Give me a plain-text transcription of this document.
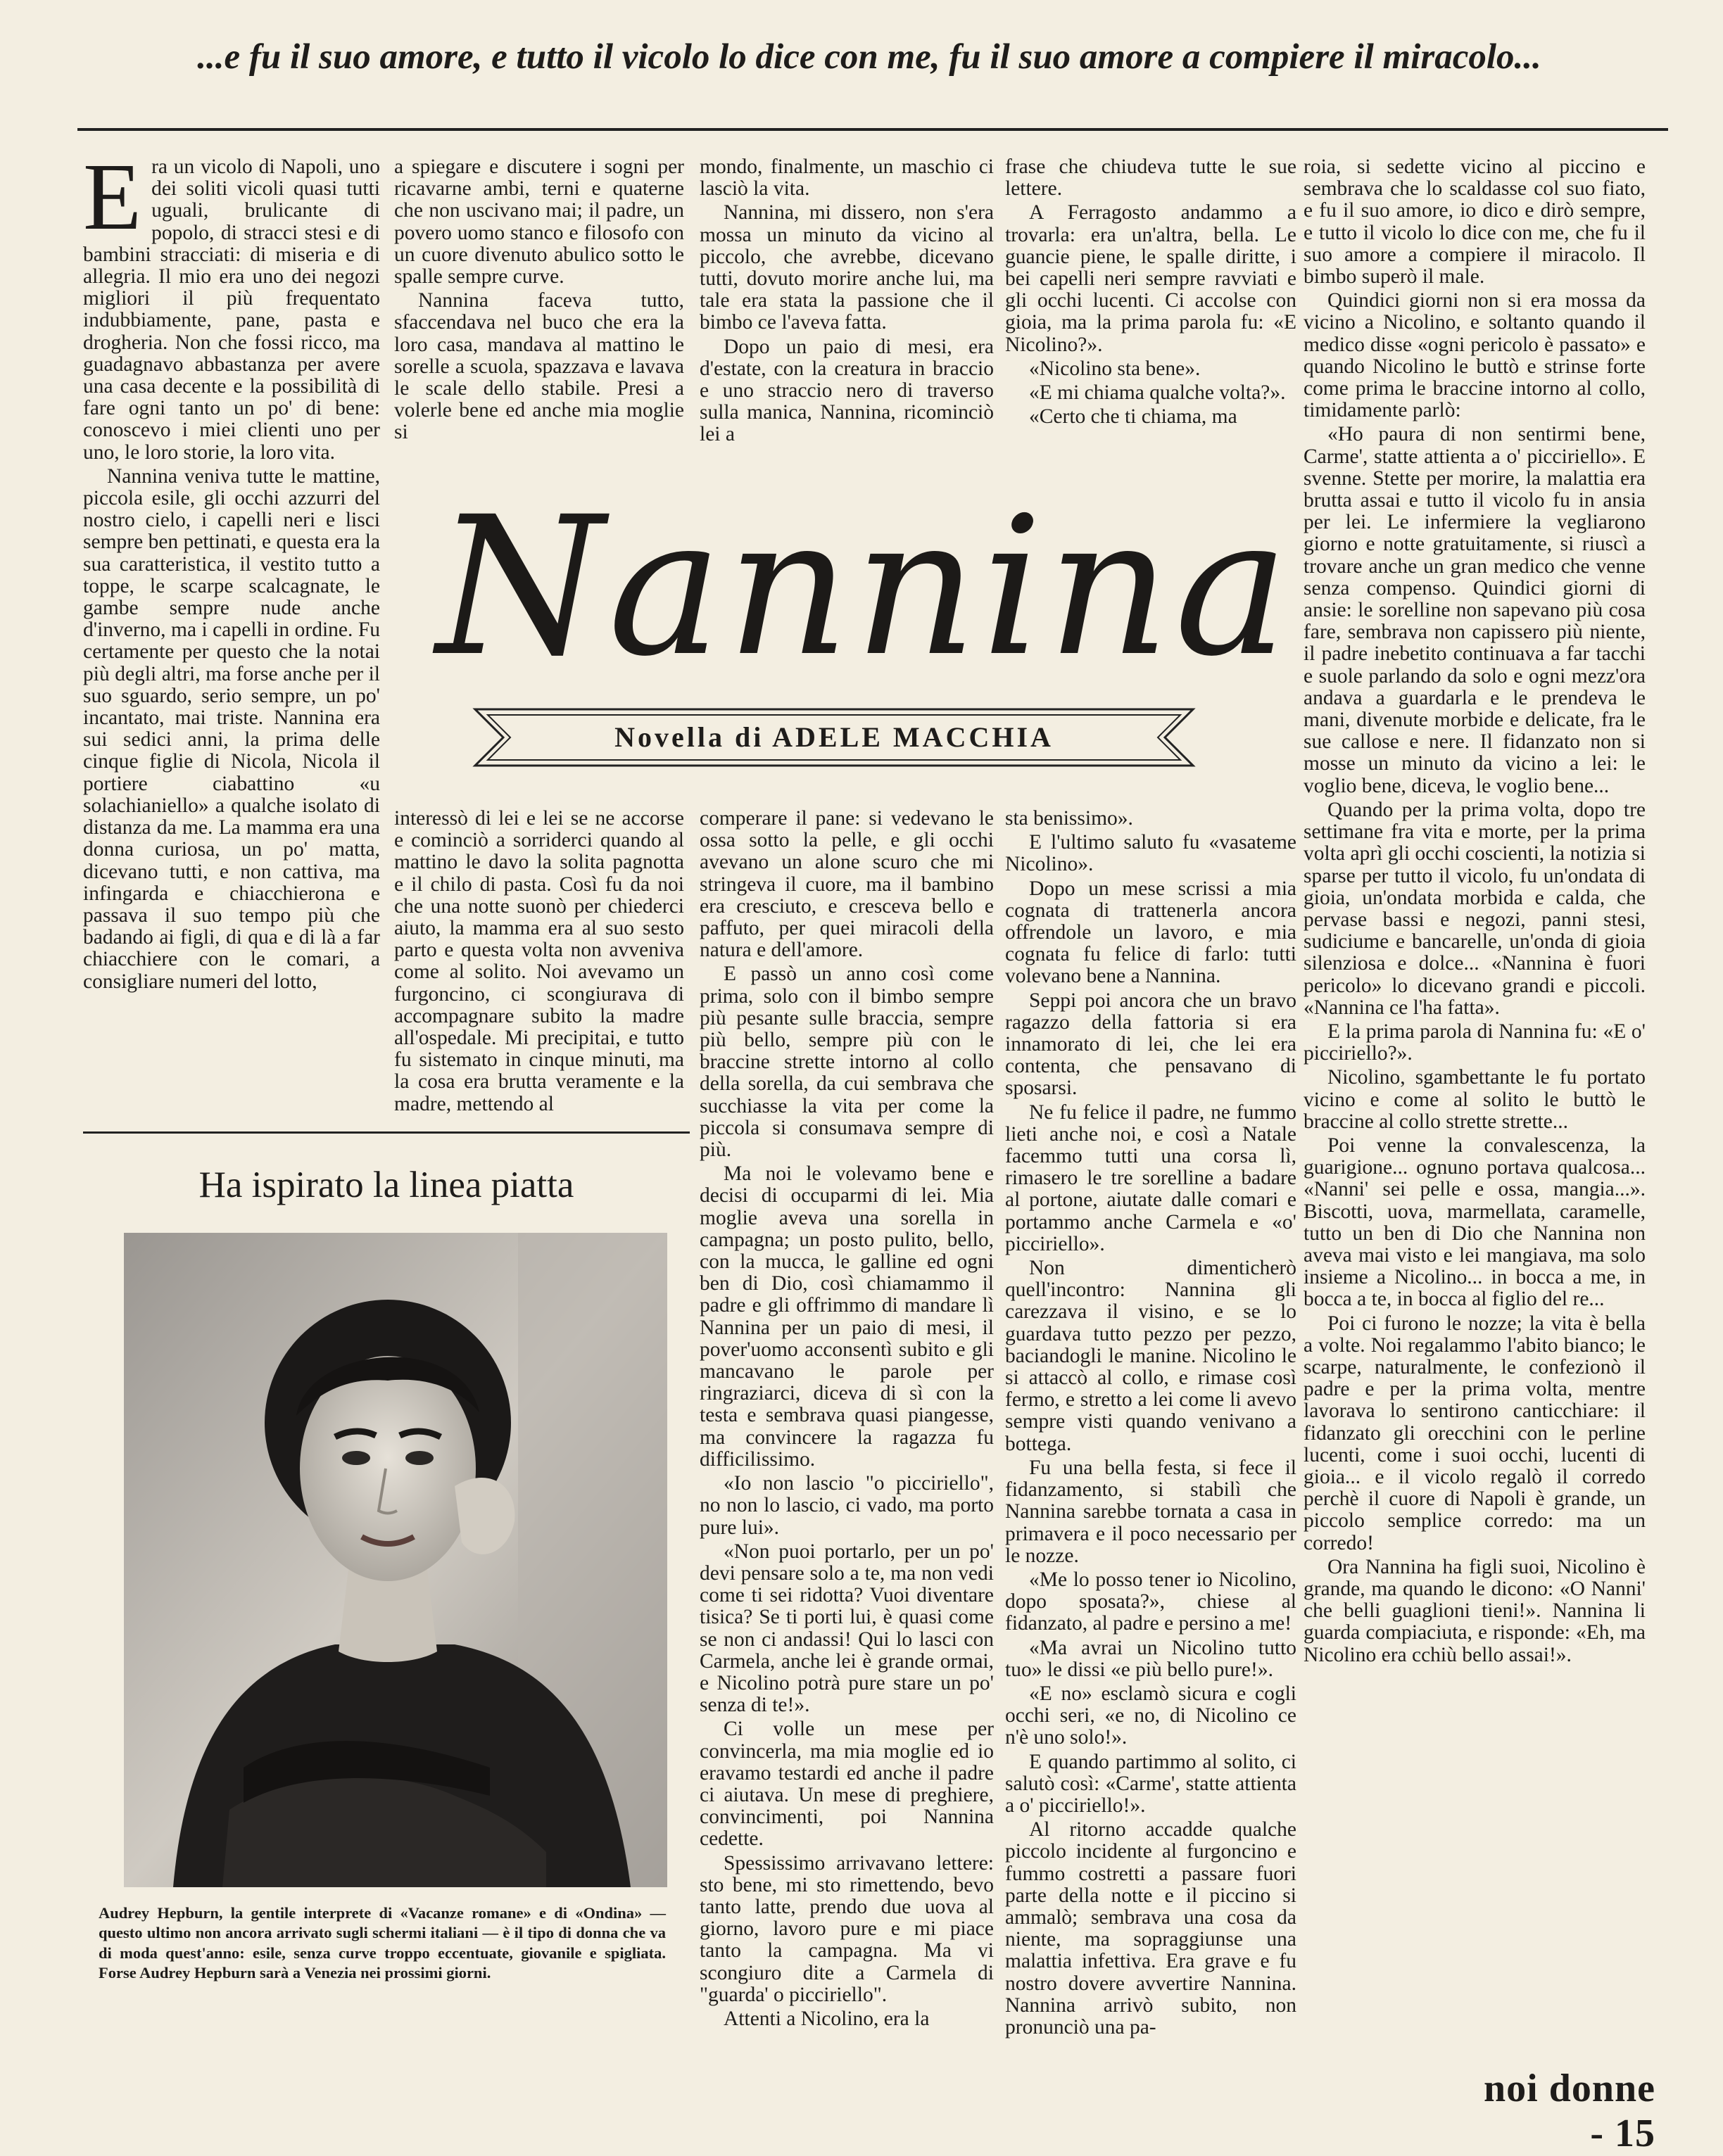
...e fu il suo amore, e tutto il vicolo lo dice con me, fu il suo amore a compiere il miracolo...

Era un vicolo di Napoli, uno dei soliti vicoli quasi tutti uguali, brulicante di popolo, di stracci stesi e di bambini stracciati: di miseria e di allegria. Il mio era uno dei negozi migliori il più frequentato indubbiamente, pane, pasta e drogheria. Non che fossi ricco, ma guadagnavo abbastanza per avere una casa decente e la possibilità di fare ogni tanto un po' di bene: conoscevo i miei clienti uno per uno, le loro storie, la loro vita.

Nannina veniva tutte le mattine, piccola esile, gli occhi azzurri del nostro cielo, i capelli neri e lisci sempre ben pettinati, e questa era la sua caratteristica, il vestito tutto a toppe, le scarpe scalcagnate, le gambe sempre nude anche d'inverno, ma i capelli in ordine. Fu certamente per questo che la notai più degli altri, ma forse anche per il suo sguardo, serio sempre, un po' incantato, mai triste. Nannina era sui sedici anni, la prima delle cinque figlie di Nicola, Nicola il portiere ciabattino «u solachianiello» a qualche isolato di distanza da me. La mamma era una donna curiosa, un po' matta, dicevano tutti, e non cattiva, ma infingarda e chiacchierona e passava il suo tempo più che badando ai figli, di qua e di là a far chiacchiere con le comari, a consigliare numeri del lotto,

a spiegare e discutere i sogni per ricavarne ambi, terni e quaterne che non uscivano mai; il padre, un povero uomo stanco e filosofo con un cuore divenuto abulico sotto le spalle sempre curve.

Nannina faceva tutto, sfaccendava nel buco che era la loro casa, mandava al mattino le sorelle a scuola, spazzava e lavava le scale dello stabile. Presi a volerle bene ed anche mia moglie si

mondo, finalmente, un maschio ci lasciò la vita.

Nannina, mi dissero, non s'era mossa un minuto da vicino al piccolo, che avrebbe, dicevano tutti, dovuto morire anche lui, ma tale era stata la passione che il bimbo ce l'aveva fatta.

Dopo un paio di mesi, era d'estate, con la creatura in braccio e uno straccio nero di traverso sulla manica, Nannina, ricominciò lei a

frase che chiudeva tutte le sue lettere.

A Ferragosto andammo a trovarla: era un'altra, bella. Le guancie piene, le spalle diritte, i bei capelli neri sempre ravviati e gli occhi lucenti. Ci accolse con gioia, ma la prima parola fu: «E Nicolino?».

«Nicolino sta bene».

«E mi chiama qualche volta?».

«Certo che ti chiama, ma

roia, si sedette vicino al piccino e sembrava che lo scaldasse col suo fiato, e fu il suo amore, io dico e dirò sempre, e tutto il vicolo lo dice con me, che fu il suo amore a compiere il miracolo. Il bimbo superò il male.

Quindici giorni non si era mossa da vicino a Nicolino, e soltanto quando il medico disse «ogni pericolo è passato» e quando Nicolino le buttò e strinse forte come prima le braccine intorno al collo, timidamente parlò:

«Ho paura di non sentirmi bene, Carme', statte attienta a o' picciriello». E svenne. Stette per morire, la malattia era brutta assai e tutto il vicolo fu in ansia per lei. Le infermiere la vegliarono giorno e notte gratuitamente, si riuscì a trovare anche un gran medico che venne senza compenso. Quindici giorni di ansie: le sorelline non sapevano più cosa fare, sembrava non capissero più niente, il padre inebetito continuava a far tacchi e suole parlando da solo e ogni mezz'ora andava a guardarla e le prendeva le mani, divenute morbide e delicate, fra le sue callose e nere. Il fidanzato non si mosse un minuto da vicino a lei: le voglio bene, diceva, le voglio bene...

Quando per la prima volta, dopo tre settimane fra vita e morte, per la prima volta aprì gli occhi coscienti, la notizia si sparse per tutto il vicolo, fu un'ondata di gioia, un'ondata morbida e calda, che pervase bassi e negozi, panni stesi, sudiciume e bancarelle, un'onda di gioia silenziosa e dolce... «Nannina è fuori pericolo» lo dicevano grandi e piccoli. «Nannina ce l'ha fatta».

E la prima parola di Nannina fu: «E o' picciriello?».

Nicolino, sgambettante le fu portato vicino e come al solito le buttò le braccine al collo strette strette...

Poi venne la convalescenza, la guarigione... ognuno portava qualcosa... «Nanni' sei pelle e ossa, mangia...». Biscotti, uova, marmellata, caramelle, tutto un ben di Dio che Nannina non aveva mai visto e lei mangiava, ma solo insieme a Nicolino... in bocca a me, in bocca a te, in bocca al figlio del re...

Poi ci furono le nozze; la vita è bella a volte. Noi regalammo l'abito bianco; le scarpe, naturalmente, le confezionò il padre e per la prima volta, mentre lavorava lo sentirono canticchiare: il fidanzato gli orecchini con le perline lucenti, come i suoi occhi, lucenti di gioia... e il vicolo regalò il corredo perchè il cuore di Napoli è grande, un piccolo semplice corredo: ma un corredo!

Ora Nannina ha figli suoi, Nicolino è grande, ma quando le dicono: «O Nanni' che belli guaglioni tieni!». Nannina li guarda compiaciuta, e risponde: «Eh, ma Nicolino era cchiù bello assai!».

Nannina
Novella di ADELE MACCHIA

interessò di lei e lei se ne accorse e cominciò a sorriderci quando al mattino le davo la solita pagnotta e il chilo di pasta. Così fu da noi che una notte suonò per chiederci aiuto, la mamma era al suo sesto parto e questa volta non avveniva come al solito. Noi avevamo un furgoncino, ci scongiurava di accompagnare subito la madre all'ospedale. Mi precipitai, e tutto fu sistemato in cinque minuti, ma la cosa era brutta veramente e la madre, mettendo al

comperare il pane: si vedevano le ossa sotto la pelle, e gli occhi avevano un alone scuro che mi stringeva il cuore, ma il bambino era cresciuto, e cresceva bello e paffuto, per quei miracoli della natura e dell'amore.

E passò un anno così come prima, solo con il bimbo sempre più pesante sulle braccia, sempre più bello, sempre più con le braccine strette intorno al collo della sorella, da cui sembrava che succhiasse la vita per come la piccola si consumava sempre di più.

Ma noi le volevamo bene e decisi di occuparmi di lei. Mia moglie aveva una sorella in campagna; un posto pulito, bello, con la mucca, le galline ed ogni ben di Dio, così chiamammo il padre e gli offrimmo di mandare lì Nannina per un paio di mesi, il pover'uomo acconsentì subito e gli mancavano le parole per ringraziarci, diceva di sì con la testa e sembrava quasi piangesse, ma convincere la ragazza fu difficilissimo.

«Io non lascio "o picciriello", no non lo lascio, ci vado, ma porto pure lui».

«Non puoi portarlo, per un po' devi pensare solo a te, ma non vedi come ti sei ridotta? Vuoi diventare tisica? Se ti porti lui, è quasi come se non ci andassi! Qui lo lasci con Carmela, anche lei è grande ormai, e Nicolino potrà pure stare un po' senza di te!».

Ci volle un mese per convincerla, ma mia moglie ed io eravamo testardi ed anche il padre ci aiutava. Un mese di preghiere, convincimenti, poi Nannina cedette.

Spessissimo arrivavano lettere: sto bene, mi sto rimettendo, bevo tanto latte, prendo due uova al giorno, lavoro pure e mi piace tanto la campagna. Ma vi scongiuro dite a Carmela di "guarda' o picciriello".

Attenti a Nicolino, era la

sta benissimo».

E l'ultimo saluto fu «vasateme Nicolino».

Dopo un mese scrissi a mia cognata di trattenerla ancora offrendole un lavoro, e mia cognata fu felice di farlo: tutti volevano bene a Nannina.

Seppi poi ancora che un bravo ragazzo della fattoria si era innamorato di lei, che lei era contenta, che pensavano di sposarsi.

Ne fu felice il padre, ne fummo lieti anche noi, e così a Natale facemmo tutti una corsa lì, rimasero le tre sorelline a badare al portone, aiutate dalle comari e portammo anche Carmela e «o' picciriello».

Non dimenticherò quell'incontro: Nannina gli carezzava il visino, e se lo guardava tutto pezzo per pezzo, baciandogli le manine. Nicolino le si attaccò al collo, e rimase così fermo, e stretto a lei come li avevo sempre visti quando venivano a bottega.

Fu una bella festa, si fece il fidanzamento, si stabilì che Nannina sarebbe tornata a casa in primavera e il poco necessario per le nozze.

«Me lo posso tener io Nicolino, dopo sposata?», chiese al fidanzato, al padre e persino a me!

«Ma avrai un Nicolino tutto tuo» le dissi «e più bello pure!».

«E no» esclamò sicura e cogli occhi seri, «e no, di Nicolino ce n'è uno solo!».

E quando partimmo al solito, ci salutò così: «Carme', statte attienta a o' picciriello!».

Al ritorno accadde qualche piccolo incidente al furgoncino e fummo costretti a passare fuori parte della notte e il piccino si ammalò; sembrava una cosa da niente, ma sopraggiunse una malattia infettiva. Era grave e fu nostro dovere avvertire Nannina. Nannina arrivò subito, non pronunciò una pa-

Ha ispirato la linea piatta
Audrey Hepburn, la gentile interprete di «Vacanze romane» e di «Ondina» — questo ultimo non ancora arrivato sugli schermi italiani — è il tipo di donna che va di moda quest'anno: esile, senza curve troppo eccentuate, giovanile e spigliata. Forse Audrey Hepburn sarà a Venezia nei prossimi giorni.
noi donne - 15
